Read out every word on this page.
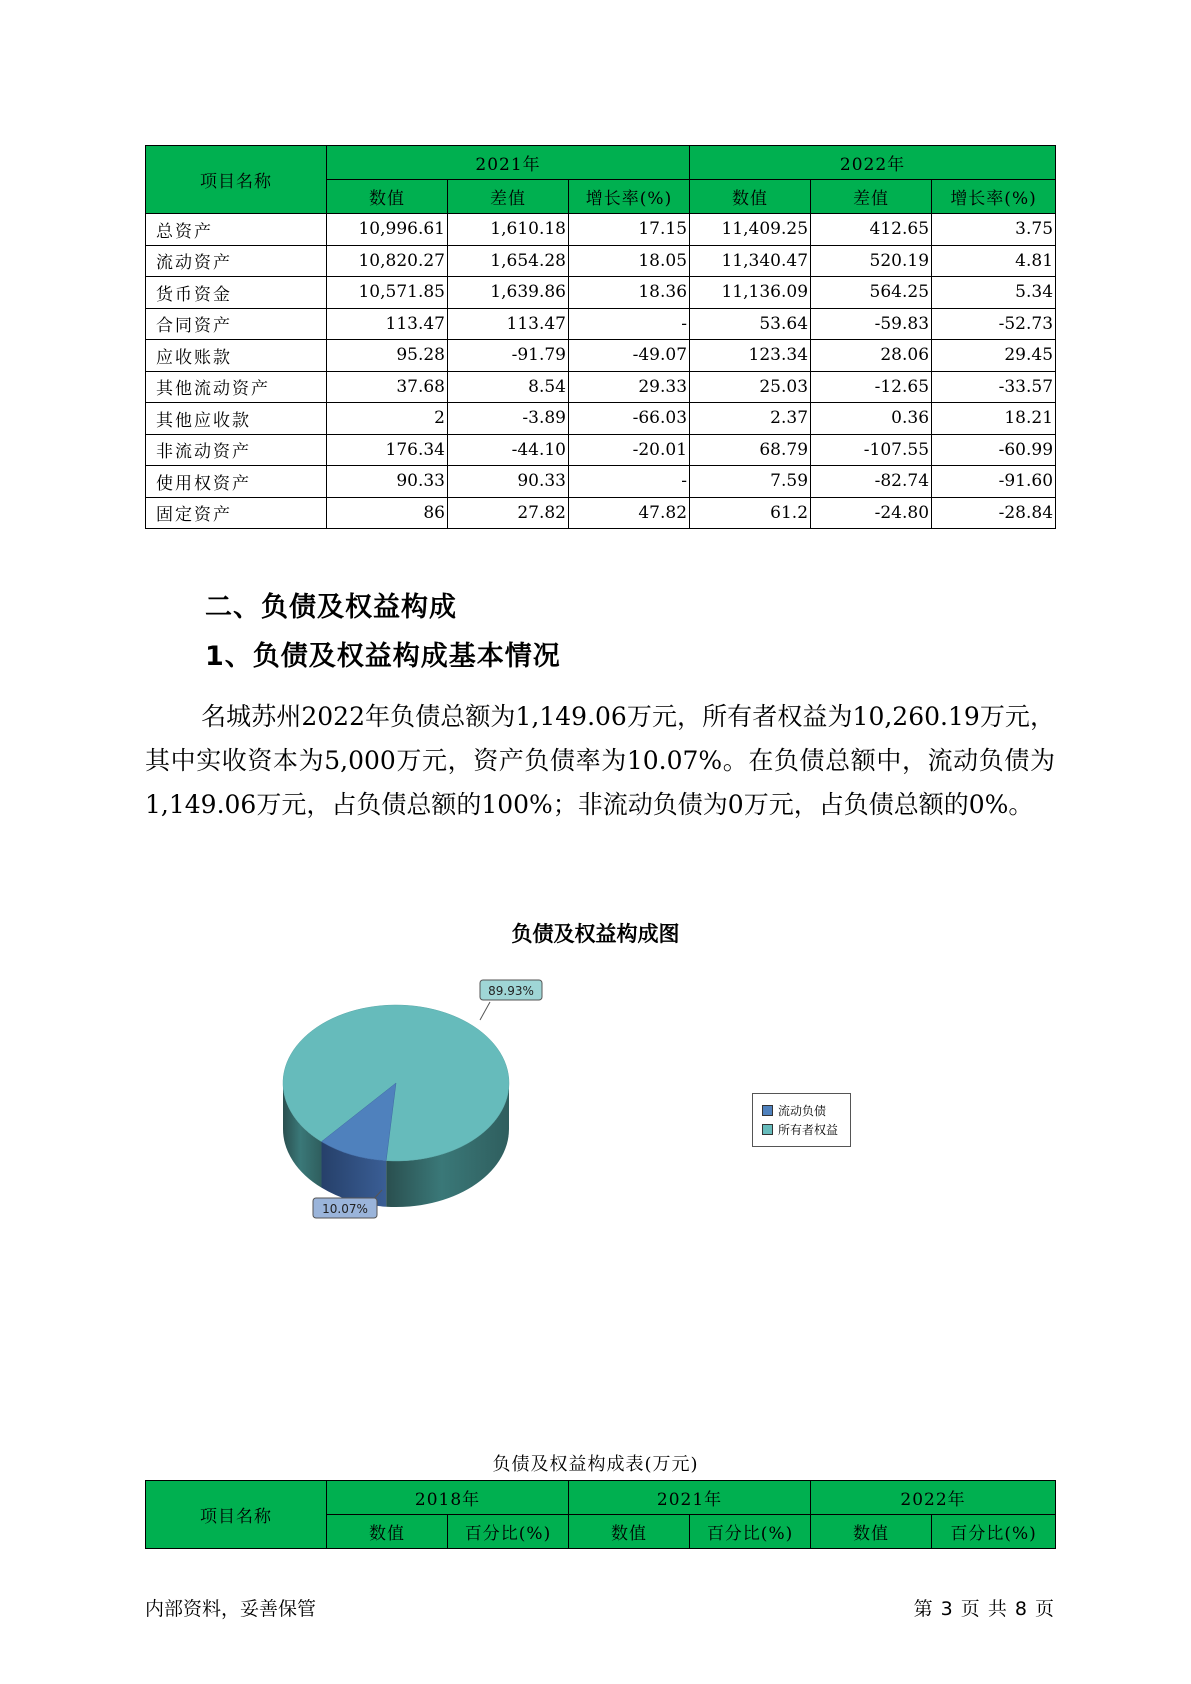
项目名称	2021年			2022年		
	数值	差值	增长率(%)	数值	差值	增长率(%)
总资产	10,996.61	1,610.18	17.15	11,409.25	412.65	3.75
流动资产	10,820.27	1,654.28	18.05	11,340.47	520.19	4.81
货币资金	10,571.85	1,639.86	18.36	11,136.09	564.25	5.34
合同资产	113.47	113.47	-	53.64	-59.83	-52.73
应收账款	95.28	-91.79	-49.07	123.34	28.06	29.45
其他流动资产	37.68	8.54	29.33	25.03	-12.65	-33.57
其他应收款	2	-3.89	-66.03	2.37	0.36	18.21
非流动资产	176.34	-44.10	-20.01	68.79	-107.55	-60.99
使用权资产	90.33	90.33	-	7.59	-82.74	-91.60
固定资产	86	27.82	47.82	61.2	-24.80	-28.84
二、负债及权益构成
1、负债及权益构成基本情况
名城苏州2022年负债总额为1,149.06万元，所有者权益为10,260.19万元，其中实收资本为5,000万元，资产负债率为10.07%。在负债总额中，流动负债为1,149.06万元，占负债总额的100%；非流动负债为0万元，占负债总额的0%。
负债及权益构成图
89.93%
10.07%
流动负债
所有者权益
负债及权益构成表(万元)
项目名称	2018年		2021年		2022年	
	数值	百分比(%)	数值	百分比(%)	数值	百分比(%)
内部资料，妥善保管	第 3 页 共 8 页
